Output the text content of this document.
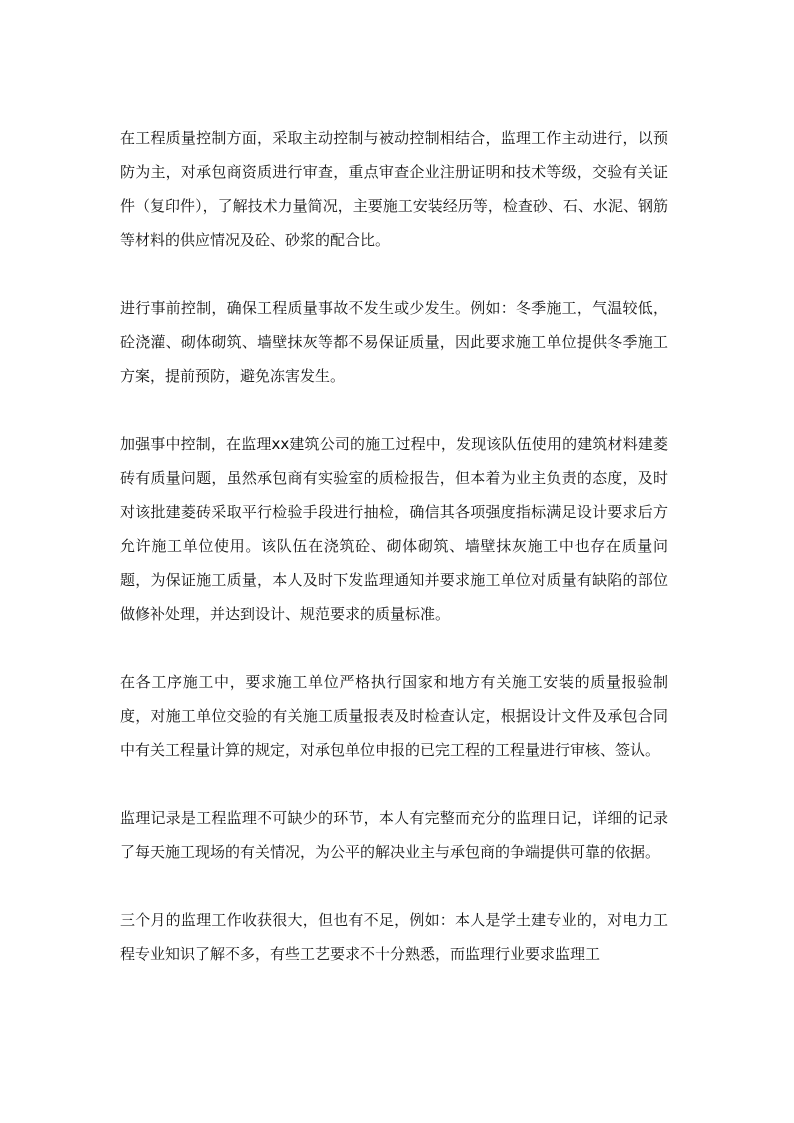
在工程质量控制方面，采取主动控制与被动控制相结合，监理工作主动进行，以预防为主，对承包商资质进行审查，重点审查企业注册证明和技术等级，交验有关证件（复印件），了解技术力量简况，主要施工安装经历等，检查砂、石、水泥、钢筋等材料的供应情况及砼、砂浆的配合比。

进行事前控制，确保工程质量事故不发生或少发生。例如：冬季施工，气温较低，砼浇灌、砌体砌筑、墙壁抹灰等都不易保证质量，因此要求施工单位提供冬季施工方案，提前预防，避免冻害发生。

加强事中控制，在监理xx建筑公司的施工过程中，发现该队伍使用的建筑材料建菱砖有质量问题，虽然承包商有实验室的质检报告，但本着为业主负责的态度，及时对该批建菱砖采取平行检验手段进行抽检，确信其各项强度指标满足设计要求后方允许施工单位使用。该队伍在浇筑砼、砌体砌筑、墙壁抹灰施工中也存在质量问题，为保证施工质量，本人及时下发监理通知并要求施工单位对质量有缺陷的部位做修补处理，并达到设计、规范要求的质量标准。

在各工序施工中，要求施工单位严格执行国家和地方有关施工安装的质量报验制度，对施工单位交验的有关施工质量报表及时检查认定，根据设计文件及承包合同中有关工程量计算的规定，对承包单位申报的已完工程的工程量进行审核、签认。

监理记录是工程监理不可缺少的环节，本人有完整而充分的监理日记，详细的记录了每天施工现场的有关情况，为公平的解决业主与承包商的争端提供可靠的依据。

三个月的监理工作收获很大，但也有不足，例如：本人是学土建专业的，对电力工程专业知识了解不多，有些工艺要求不十分熟悉，而监理行业要求监理工
